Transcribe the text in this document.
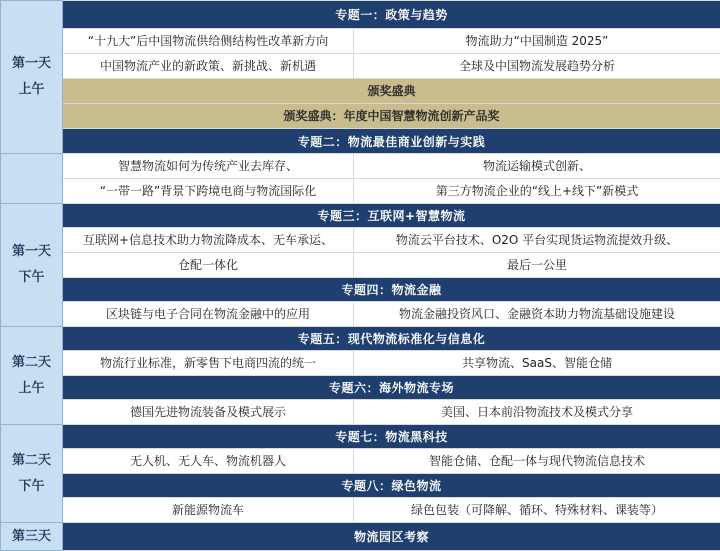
第一天
上午	专题一：政策与趋势	
	“十九大”后中国物流供给侧结构性改革新方向	物流助力“中国制造 2025”
	中国物流产业的新政策、新挑战、新机遇	全球及中国物流发展趋势分析
	颁奖盛典	
	颁奖盛典：年度中国智慧物流创新产品奖	
	专题二：物流最佳商业创新与实践	
	智慧物流如何为传统产业去库存、	物流运输模式创新、
	“一带一路”背景下跨境电商与物流国际化	第三方物流企业的“线上+线下”新模式

第一天
下午	专题三：互联网+智慧物流	
	互联网+信息技术助力物流降成本、无车承运、	物流云平台技术、O2O 平台实现货运物流提效升级、
	仓配一体化	最后一公里
	专题四：物流金融	
	区块链与电子合同在物流金融中的应用	物流金融投资风口、金融资本助力物流基础设施建设

第二天
上午	专题五：现代物流标准化与信息化	
	物流行业标准，新零售下电商四流的统一	共享物流、SaaS、智能仓储
	专题六：海外物流专场	
	德国先进物流装备及模式展示	美国、日本前沿物流技术及模式分享

第二天
下午	专题七：物流黑科技	
	无人机、无人车、物流机器人	智能仓储、仓配一体与现代物流信息技术
	专题八：绿色物流	
	新能源物流车	绿色包装（可降解、循环、特殊材料、课装等）
第三天	物流园区考察	
